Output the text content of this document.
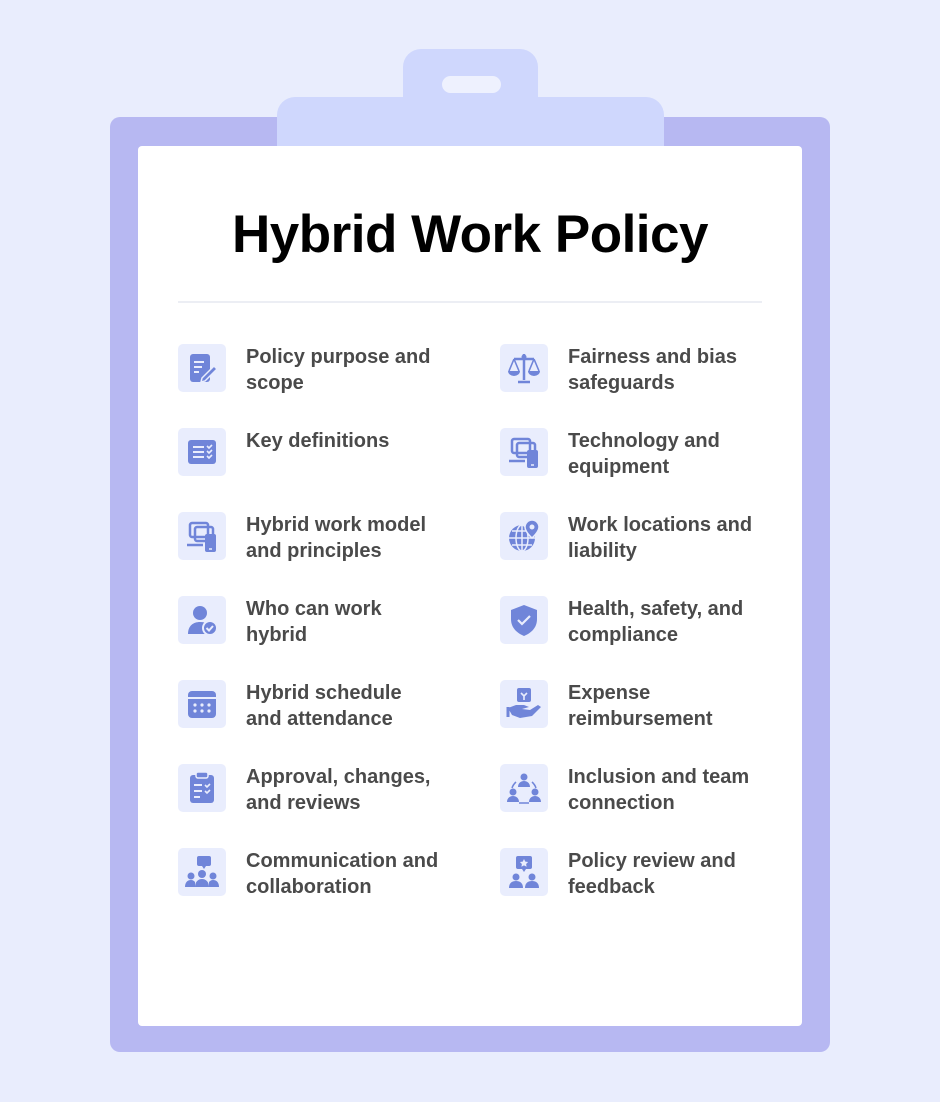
Hybrid Work Policy
Policy purpose and scope
Key definitions
Hybrid work model and principles
Who can work hybrid
Hybrid schedule and attendance
Approval, changes, and reviews
Communication and collaboration
Fairness and bias safeguards
Technology and equipment
Work locations and liability
Health, safety, and compliance
Expense reimbursement
Inclusion and team connection
Policy review and feedback
